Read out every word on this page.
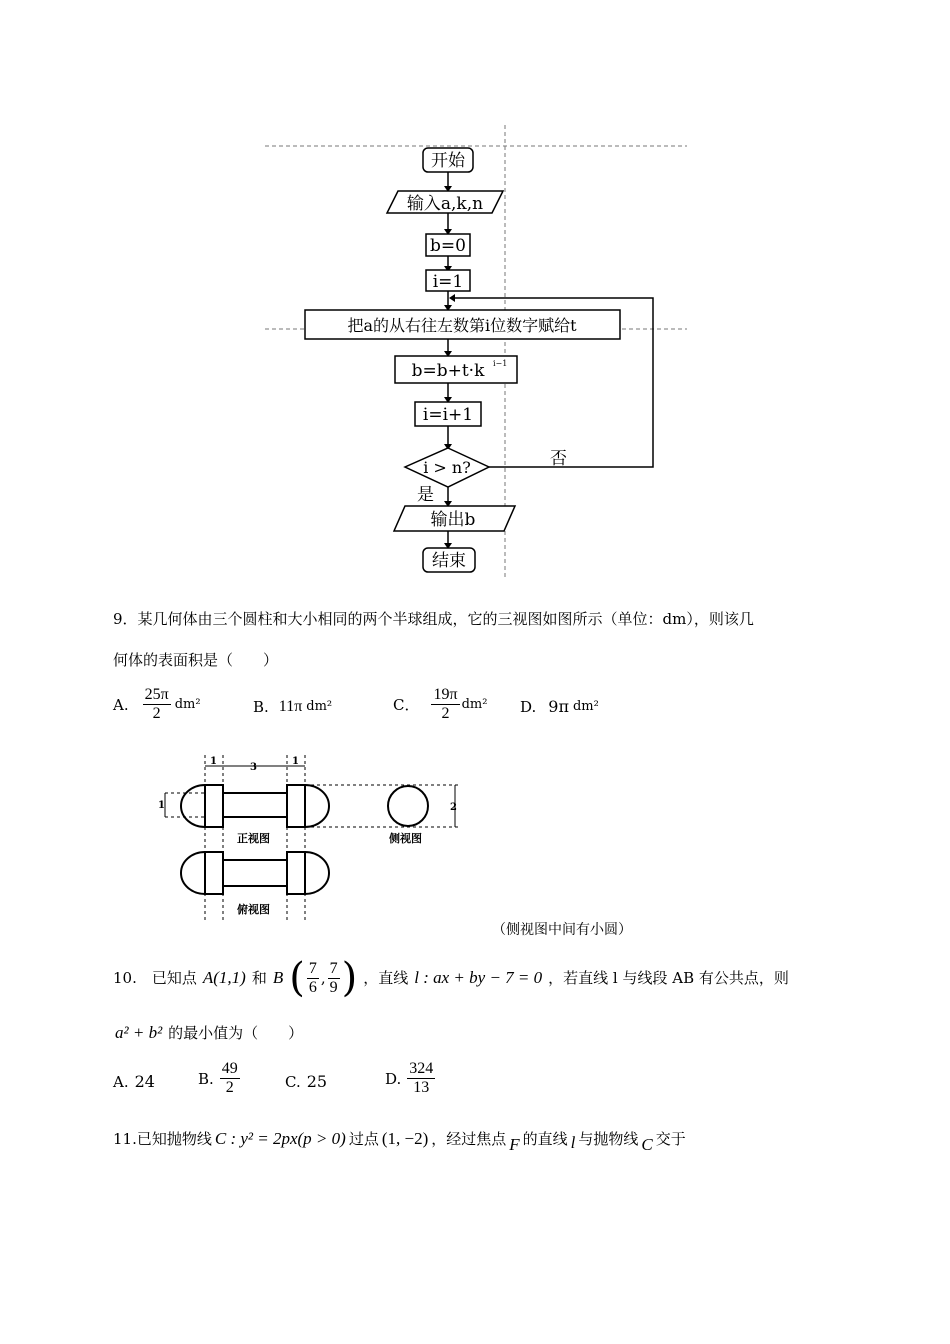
开始
输入a,k,n
b=0
i=1
把a的从右往左数第i位数字赋给t
b=b+t·k i−1
i=i+1
i > n?	否
是
输出b
结束
9．某几何体由三个圆柱和大小相同的两个半球组成，它的三视图如图所示（单位：dm），则该几
何体的表面积是（　　）
A. $\frac{25\pi}{2} dm^2$	B. 11π dm²	C． $\frac{19\pi}{2} dm^2$ D. 9π dm²
1
3
1
1	2
正视图	侧视图
俯视图
（侧视图中间有小圆）
10.　已知点 A(1,1) 和 B ( $\frac{7}{6}$ , $\frac{7}{9}$ ) ，直线 l : ax + by − 7 = 0 ，若直线 l 与线段 AB 有公共点，则
a² + b² 的最小值为（　　）
A. 24	B. $\frac{49}{2}$	C. 25	D. $\frac{324}{13}$
11.已知抛物线 C : y² = 2px(p > 0) 过点 (1, −2) ，经过焦点 F 的直线 l 与抛物线 C 交于
